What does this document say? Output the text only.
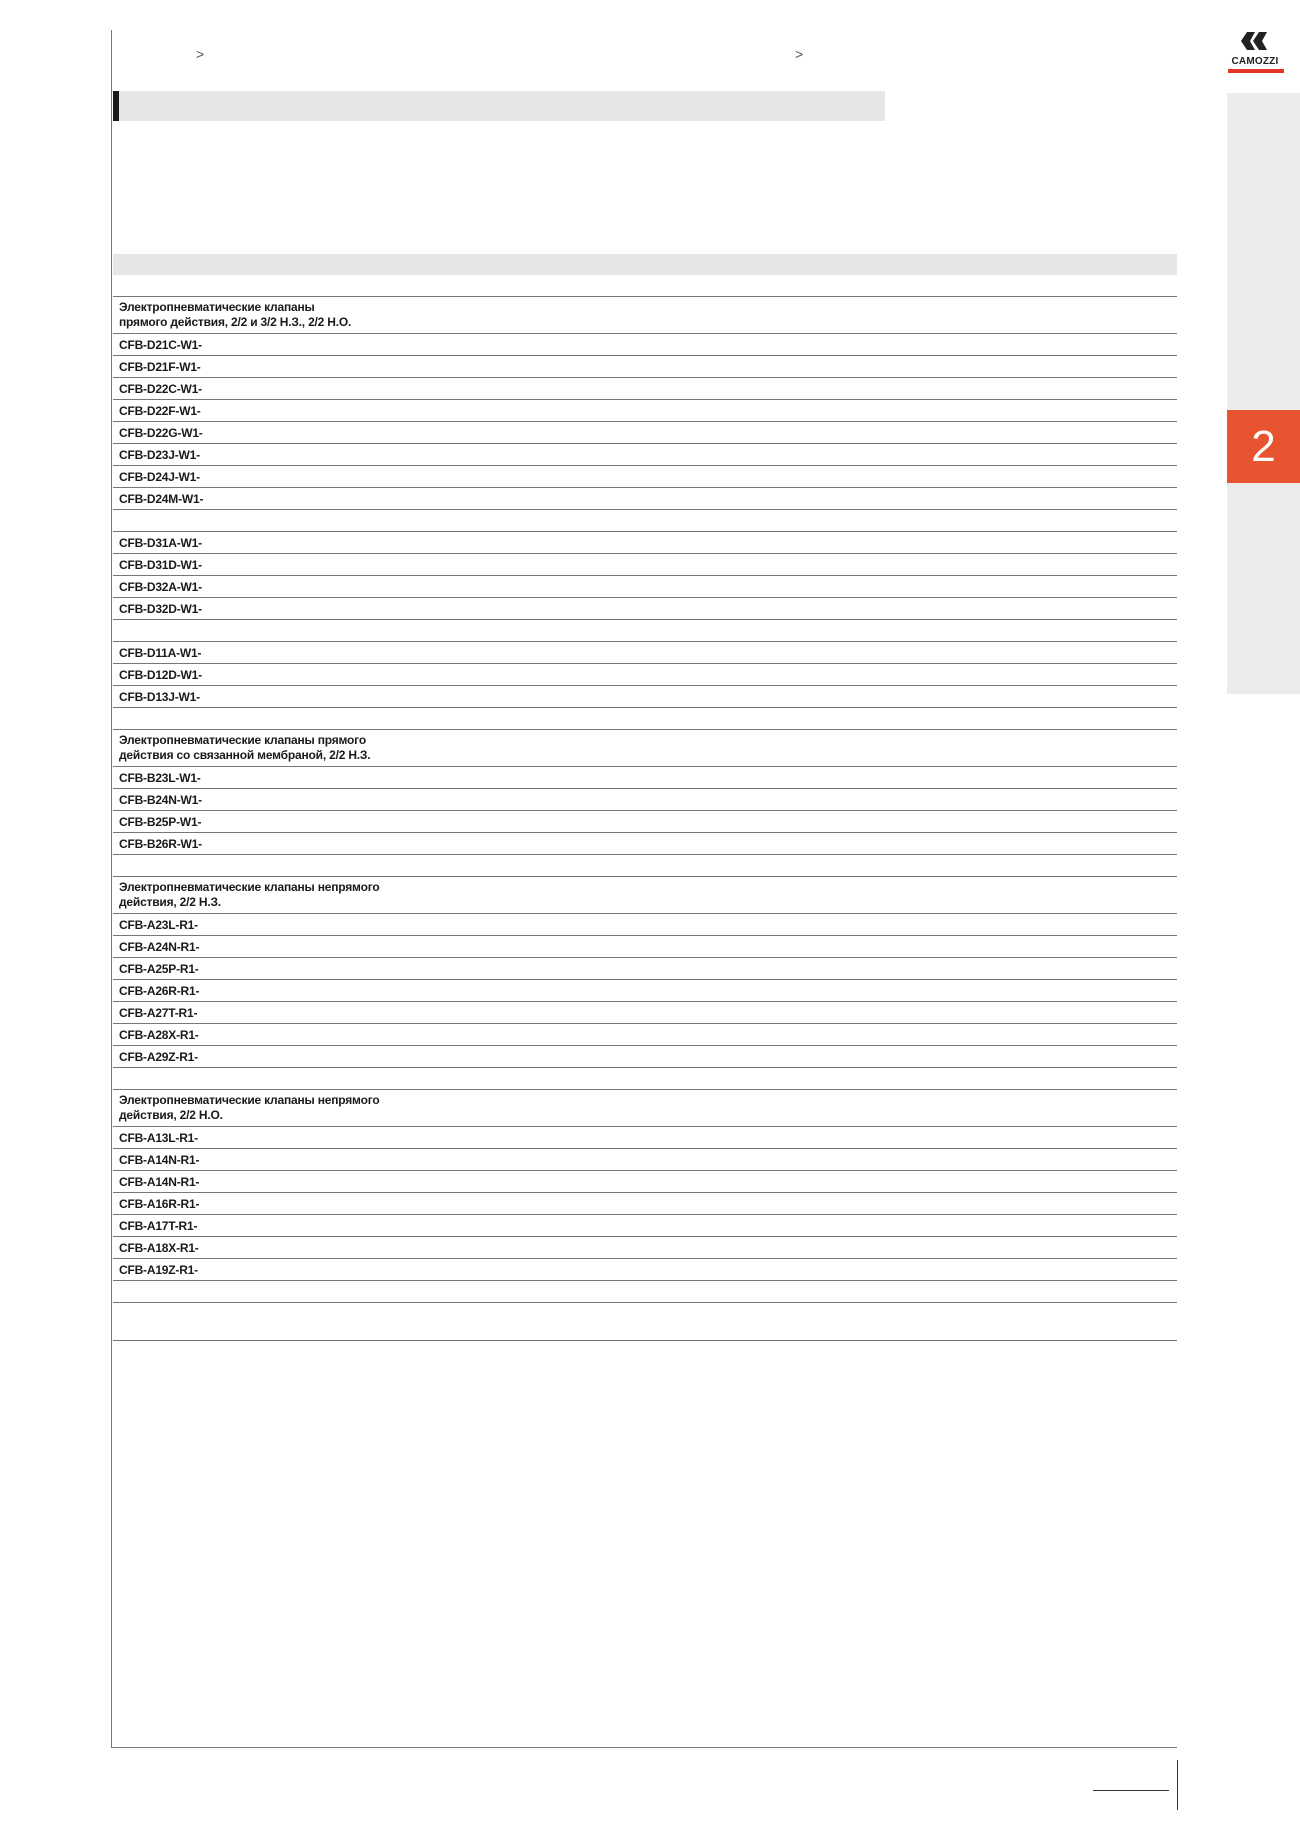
>	>
2
CAMOZZI
Электропневматические клапаны
прямого действия, 2/2 и 3/2 Н.З., 2/2 Н.О.
CFB-D21C-W1-
CFB-D21F-W1-
CFB-D22C-W1-
CFB-D22F-W1-
CFB-D22G-W1-
CFB-D23J-W1-
CFB-D24J-W1-
CFB-D24M-W1-
CFB-D31A-W1-
CFB-D31D-W1-
CFB-D32A-W1-
CFB-D32D-W1-
CFB-D11A-W1-
CFB-D12D-W1-
CFB-D13J-W1-
Электропневматические клапаны прямого
действия со связанной мембраной, 2/2 Н.З.
CFB-B23L-W1-
CFB-B24N-W1-
CFB-B25P-W1-
CFB-B26R-W1-
Электропневматические клапаны непрямого
действия, 2/2 Н.З.
CFB-A23L-R1-
CFB-A24N-R1-
CFB-A25P-R1-
CFB-A26R-R1-
CFB-A27T-R1-
CFB-A28X-R1-
CFB-A29Z-R1-
Электропневматические клапаны непрямого
действия, 2/2 Н.О.
CFB-A13L-R1-
CFB-A14N-R1-
CFB-A14N-R1-
CFB-A16R-R1-
CFB-A17T-R1-
CFB-A18X-R1-
CFB-A19Z-R1-
